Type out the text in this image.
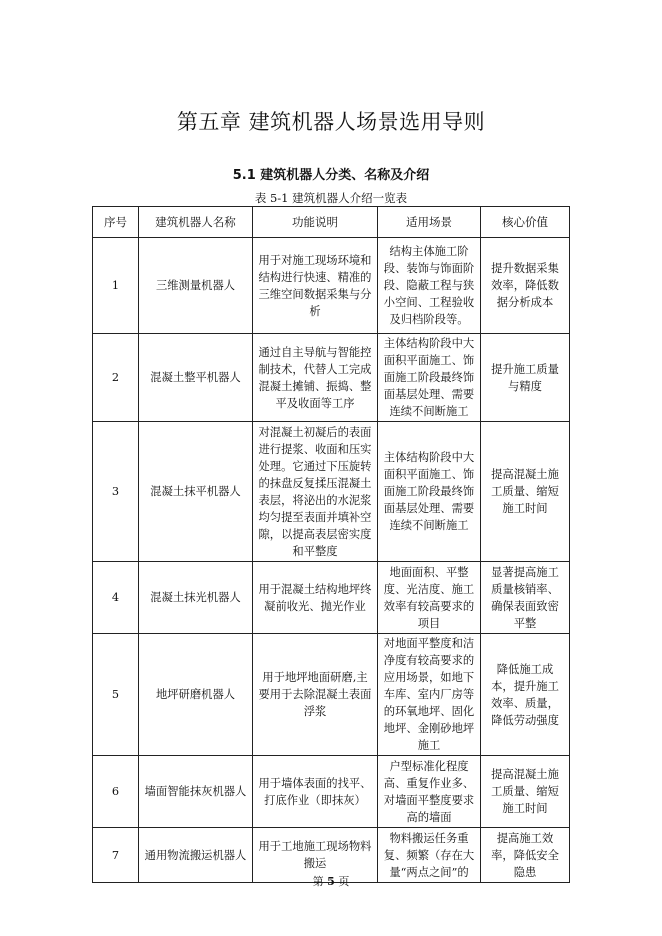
第五章 建筑机器人场景选用导则
5.1 建筑机器人分类、名称及介绍
表 5-1 建筑机器人介绍一览表
序号	建筑机器人名称	功能说明	适用场景	核心价值
1	三维测量机器人	用于对施工现场环境和结构进行快速、精准的三维空间数据采集与分析	结构主体施工阶段、装饰与饰面阶段、隐蔽工程与狭小空间、工程验收及归档阶段等。	提升数据采集效率，降低数据分析成本
2	混凝土整平机器人	通过自主导航与智能控制技术，代替人工完成混凝土摊铺、振捣、整平及收面等工序	主体结构阶段中大面积平面施工、饰面施工阶段最终饰面基层处理、需要连续不间断施工	提升施工质量与精度
3	混凝土抹平机器人	对混凝土初凝后的表面进行提浆、收面和压实处理。它通过下压旋转的抹盘反复揉压混凝土表层，将泌出的水泥浆均匀提至表面并填补空隙，以提高表层密实度和平整度	主体结构阶段中大面积平面施工、饰面施工阶段最终饰面基层处理、需要连续不间断施工	提高混凝土施工质量、缩短施工时间
4	混凝土抹光机器人	用于混凝土结构地坪终凝前收光、抛光作业	地面面积、平整度、光洁度、施工效率有较高要求的项目	显著提高施工质量核销率、确保表面致密平整
5	地坪研磨机器人	用于地坪地面研磨,主要用于去除混凝土表面浮浆	对地面平整度和洁净度有较高要求的应用场景，如地下车库、室内厂房等的环氧地坪、固化地坪、金刚砂地坪施工	降低施工成本，提升施工效率、质量，降低劳动强度
6	墙面智能抹灰机器人	用于墙体表面的找平、打底作业（即抹灰）	户型标准化程度高、重复作业多、对墙面平整度要求高的墙面	提高混凝土施工质量、缩短施工时间
7	通用物流搬运机器人	用于工地施工现场物料搬运	物料搬运任务重复、频繁（存在大量“两点之间”的	提高施工效率，降低安全隐患
第 5 页
